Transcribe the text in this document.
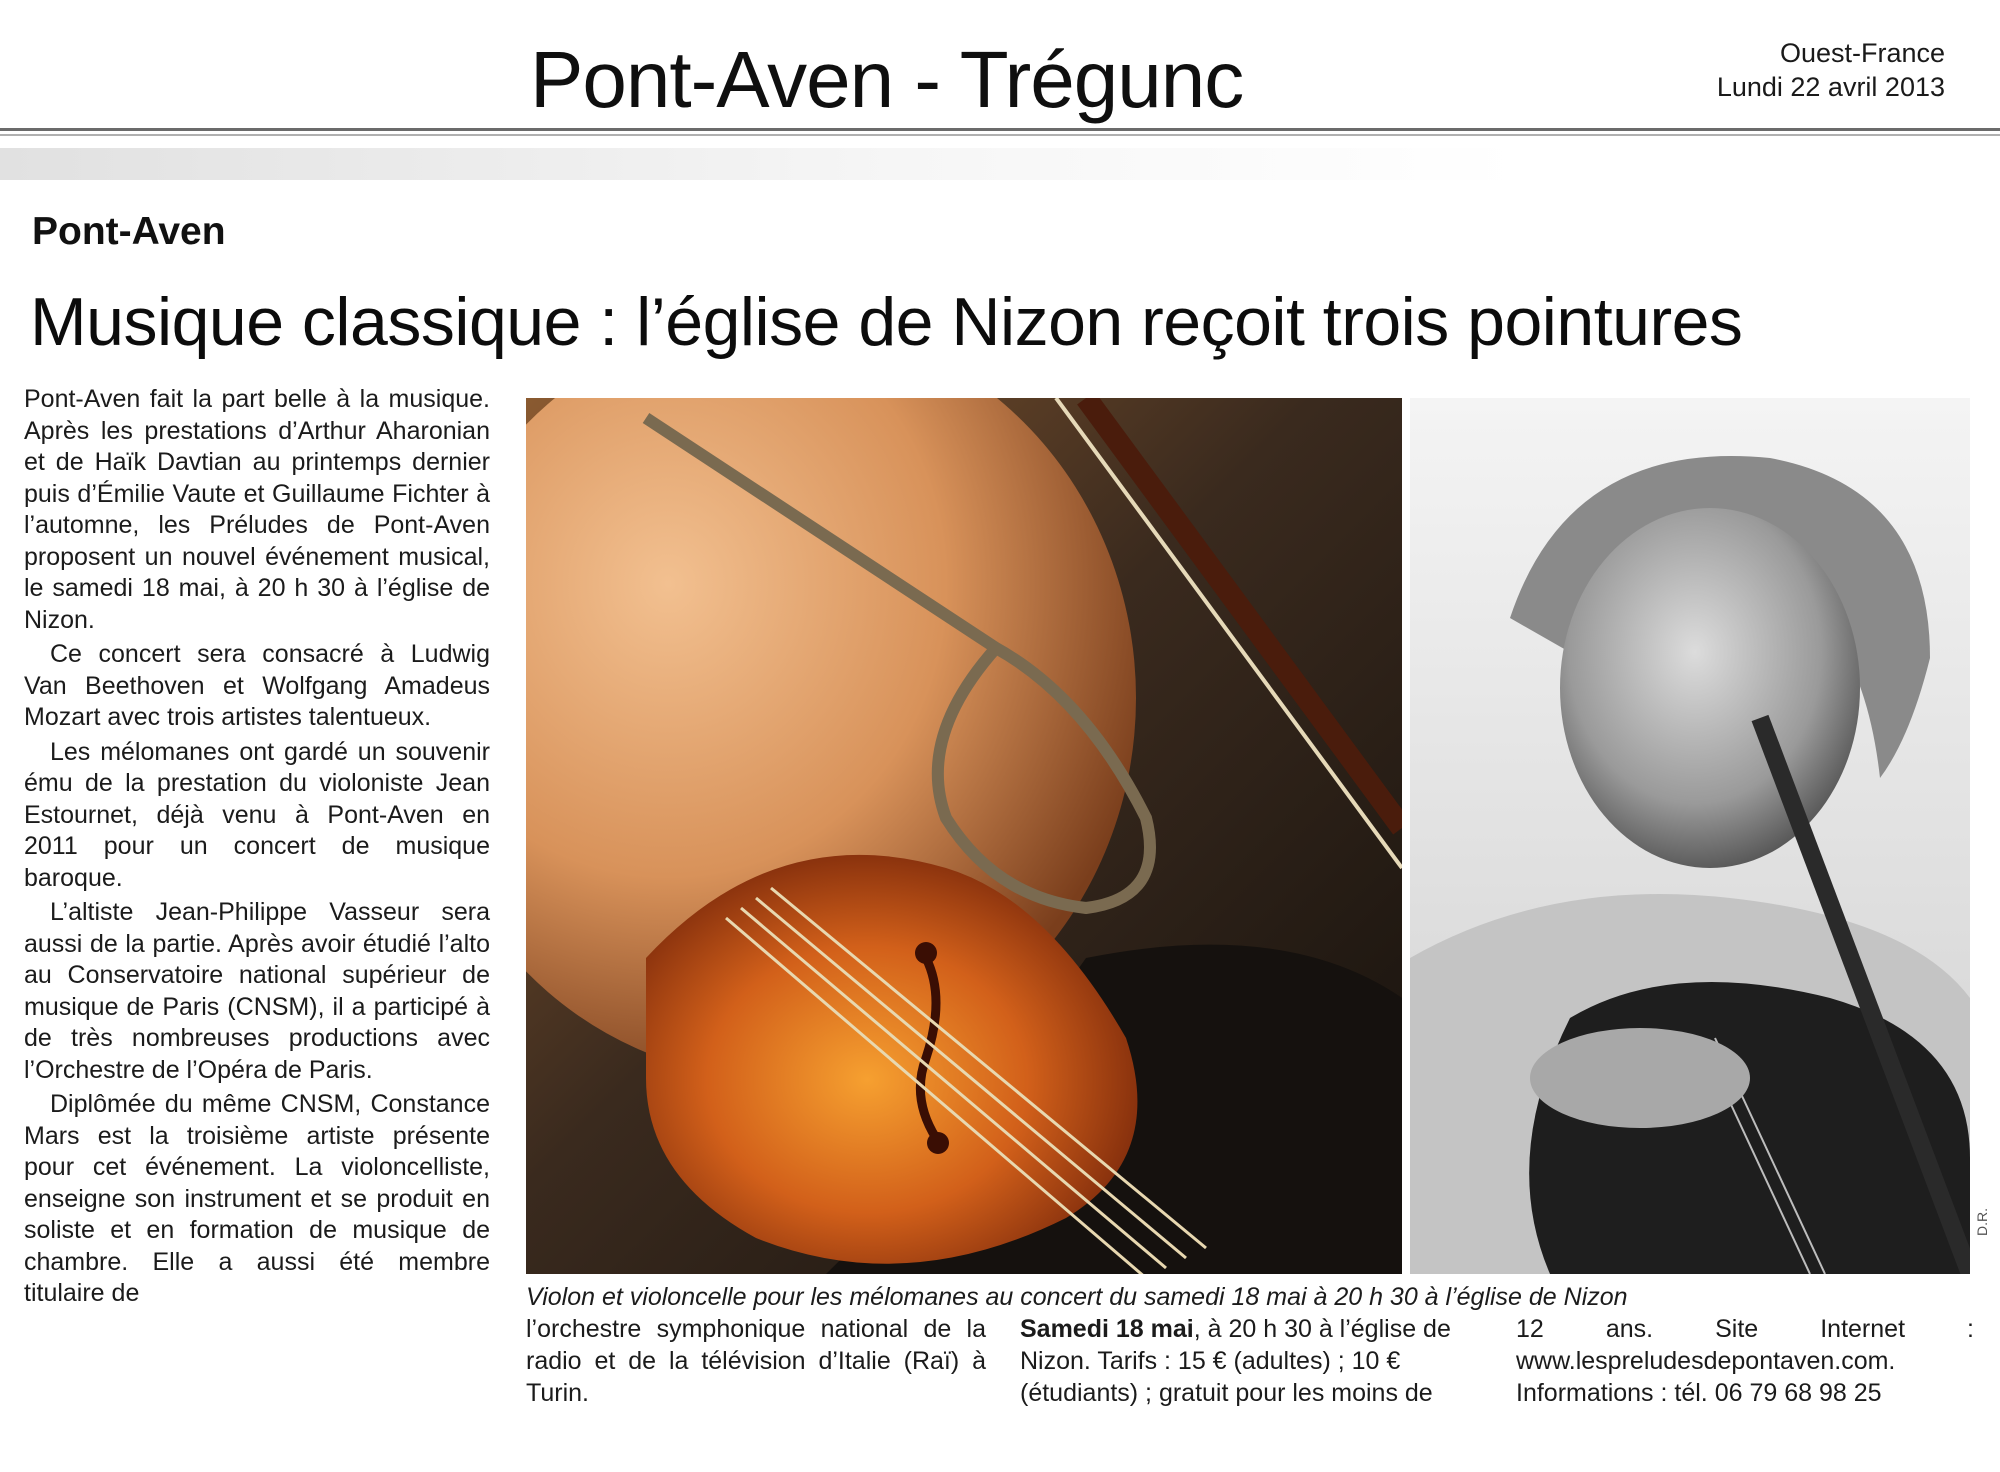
Pont-Aven - Trégunc	Ouest-France
Lundi 22 avril 2013
Pont-Aven
Musique classique : l’église de Nizon reçoit trois pointures

Pont-Aven fait la part belle à la musique. Après les prestations d’Arthur Aharonian et de Haïk Davtian au printemps dernier puis d’Émilie Vaute et Guillaume Fichter à l’automne, les Préludes de Pont-Aven proposent un nouvel événement musical, le samedi 18 mai, à 20 h 30 à l’église de Nizon.

Ce concert sera consacré à Ludwig Van Beethoven et Wolfgang Amadeus Mozart avec trois artistes talentueux.

Les mélomanes ont gardé un souvenir ému de la prestation du violoniste Jean Estournet, déjà venu à Pont-Aven en 2011 pour un concert de musique baroque.

L’altiste Jean-Philippe Vasseur sera aussi de la partie. Après avoir étudié l’alto au Conservatoire national supérieur de musique de Paris (CNSM), il a participé à de très nombreuses productions avec l’Orchestre de l’Opéra de Paris.

Diplômée du même CNSM, Constance Mars est la troisième artiste présente pour cet événement. La violoncelliste, enseigne son instrument et se produit en soliste et en formation de musique de chambre. Elle a aussi été membre titulaire de

D.R.
Violon et violoncelle pour les mélomanes au concert du samedi 18 mai à 20 h 30 à l’église de Nizon

l’orchestre symphonique national de la radio et de la télévision d’Italie (Raï) à Turin.

Samedi 18 mai, à 20 h 30 à l’église de Nizon. Tarifs : 15 € (adultes) ; 10 € (étudiants) ; gratuit pour les moins de

12 ans. Site Internet : www.lespreludesdepontaven.com. Informations : tél. 06 79 68 98 25
